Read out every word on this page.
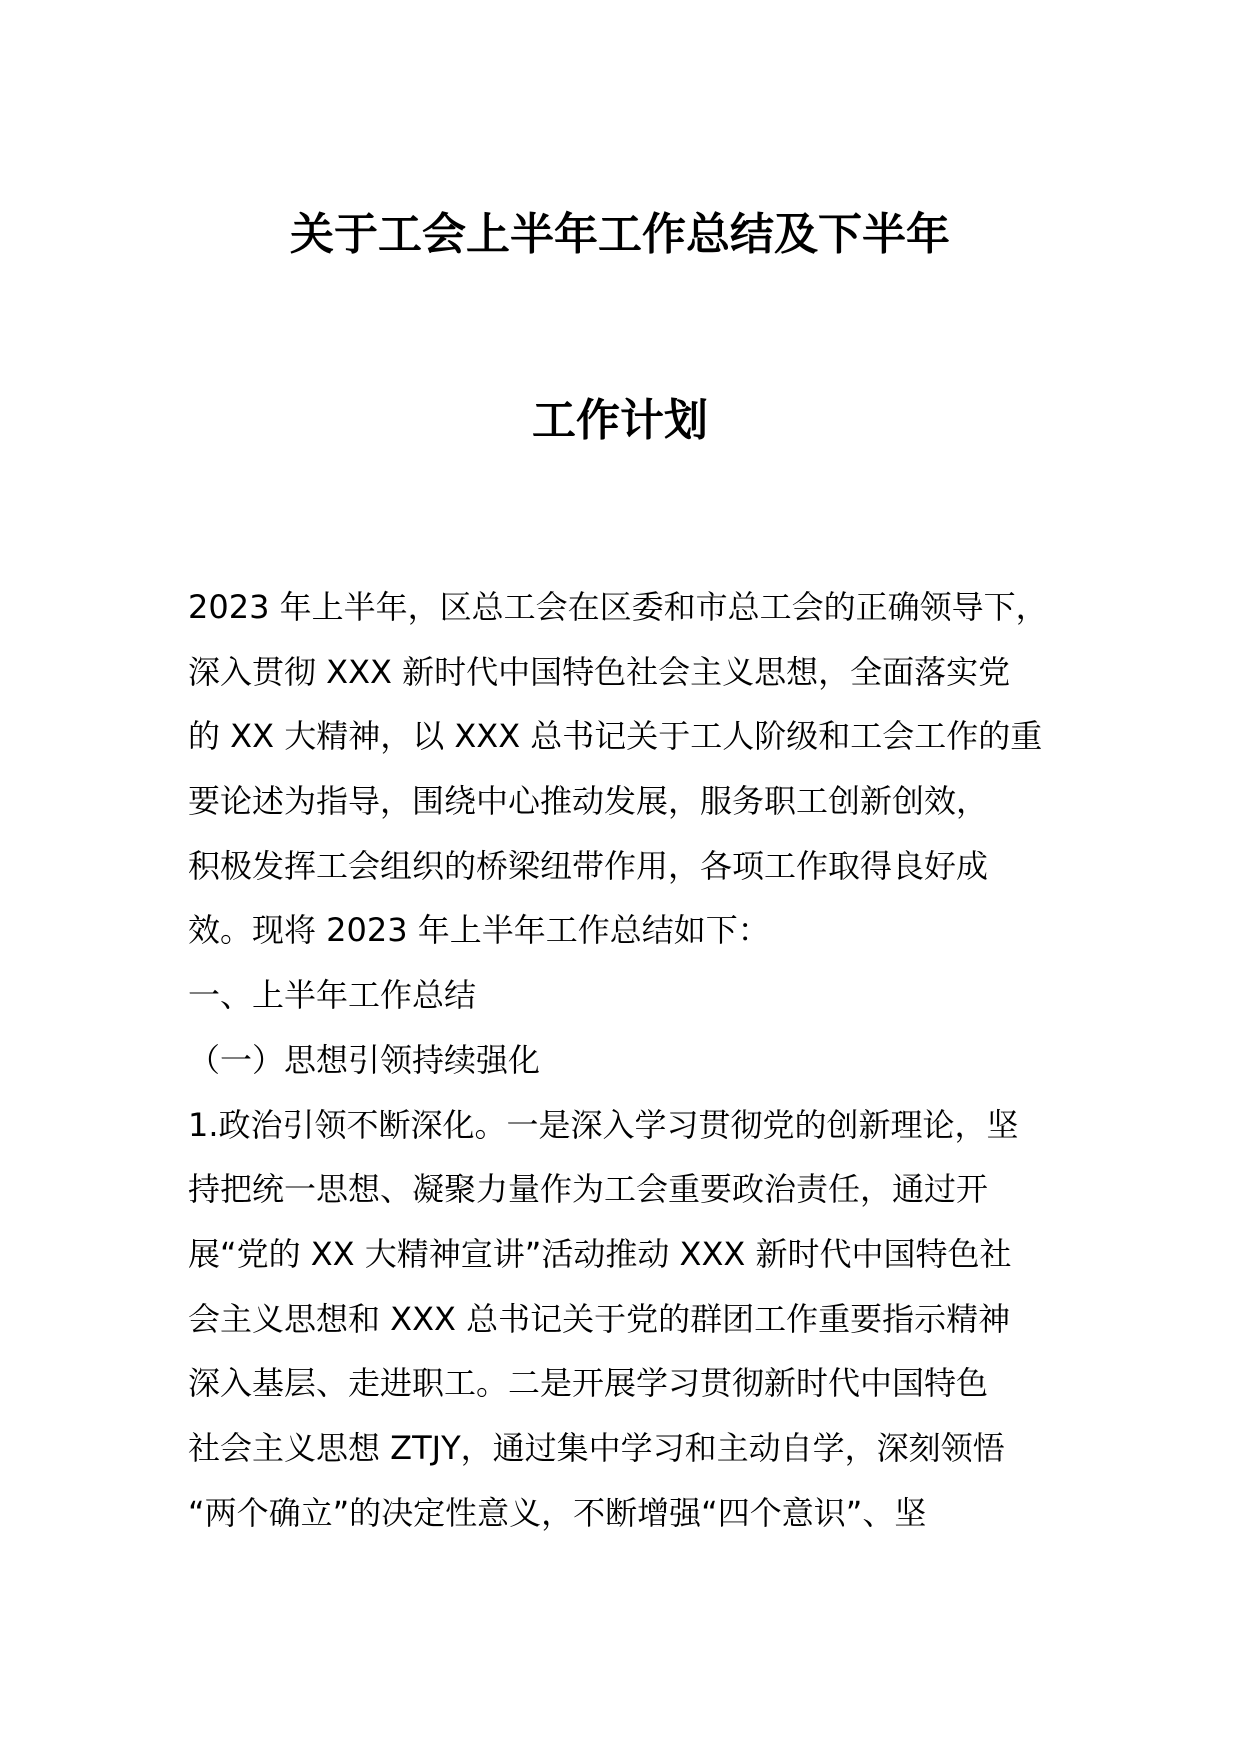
关于工会上半年工作总结及下半年
工作计划
2023 年上半年，区总工会在区委和市总工会的正确领导下，
深入贯彻 XXX 新时代中国特色社会主义思想，全面落实党
的 XX 大精神，以 XXX 总书记关于工人阶级和工会工作的重
要论述为指导，围绕中心推动发展，服务职工创新创效，
积极发挥工会组织的桥梁纽带作用，各项工作取得良好成
效。现将 2023 年上半年工作总结如下：
一、上半年工作总结
（一）思想引领持续强化
1.政治引领不断深化。一是深入学习贯彻党的创新理论，坚
持把统一思想、凝聚力量作为工会重要政治责任，通过开
展“党的 XX 大精神宣讲”活动推动 XXX 新时代中国特色社
会主义思想和 XXX 总书记关于党的群团工作重要指示精神
深入基层、走进职工。二是开展学习贯彻新时代中国特色
社会主义思想 ZTJY，通过集中学习和主动自学，深刻领悟
“两个确立”的决定性意义，不断增强“四个意识”、坚
